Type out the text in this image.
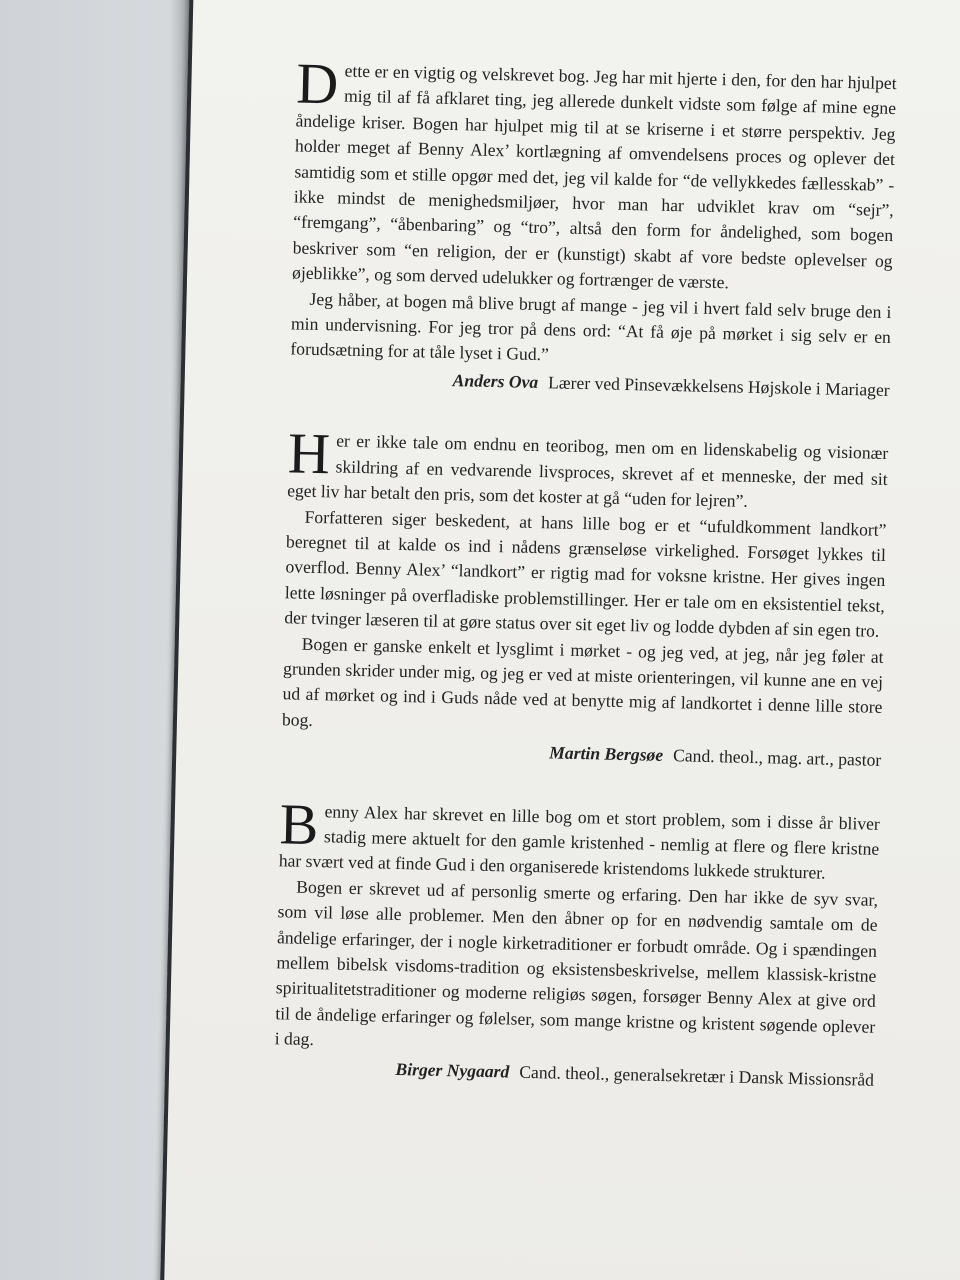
Dette er en vigtig og velskrevet bog. Jeg har mit hjerte i den, for den har hjulpet mig til af få afklaret ting, jeg allerede dunkelt vidste som følge af mine egne åndelige kriser. Bogen har hjulpet mig til at se kriserne i et større perspektiv. Jeg holder meget af Benny Alex’ kortlægning af omvendelsens proces og oplever det samtidig som et stille opgør med det, jeg vil kalde for “de vellykkedes fællesskab” - ikke mindst de menighedsmiljøer, hvor man har udviklet krav om “sejr”, “fremgang”, “åbenbaring” og “tro”, altså den form for åndelighed, som bogen beskriver som “en religion, der er (kunstigt) skabt af vore bedste oplevelser og øjeblikke”, og som derved udelukker og fortrænger de værste.

Jeg håber, at bogen må blive brugt af mange - jeg vil i hvert fald selv bruge den i min undervisning. For jeg tror på dens ord: “At få øje på mørket i sig selv er en forudsætning for at tåle lyset i Gud.”

Anders Ova Lærer ved Pinsevækkelsens Højskole i Mariager

Her er ikke tale om endnu en teoribog, men om en lidenskabelig og visionær skildring af en vedvarende livsproces, skrevet af et menneske, der med sit eget liv har betalt den pris, som det koster at gå “uden for lejren”.

Forfatteren siger beskedent, at hans lille bog er et “ufuldkomment landkort” beregnet til at kalde os ind i nådens grænseløse virkelighed. Forsøget lykkes til overflod. Benny Alex’ “landkort” er rigtig mad for voksne kristne. Her gives ingen lette løsninger på overfladiske problemstillinger. Her er tale om en eksistentiel tekst, der tvinger læseren til at gøre status over sit eget liv og lodde dybden af sin egen tro.

Bogen er ganske enkelt et lysglimt i mørket - og jeg ved, at jeg, når jeg føler at grunden skrider under mig, og jeg er ved at miste orienteringen, vil kunne ane en vej ud af mørket og ind i Guds nåde ved at benytte mig af landkortet i denne lille store bog.

Martin Bergsøe Cand. theol., mag. art., pastor

Benny Alex har skrevet en lille bog om et stort problem, som i disse år bliver stadig mere aktuelt for den gamle kristenhed - nemlig at flere og flere kristne har svært ved at finde Gud i den organiserede kristendoms lukkede strukturer.

Bogen er skrevet ud af personlig smerte og erfaring. Den har ikke de syv svar, som vil løse alle problemer. Men den åbner op for en nødvendig samtale om de åndelige erfaringer, der i nogle kirketraditioner er forbudt område. Og i spændingen mellem bibelsk visdoms-tradition og eksistensbeskrivelse, mellem klassisk-kristne spiritualitetstraditioner og moderne religiøs søgen, forsøger Benny Alex at give ord til de åndelige erfaringer og følelser, som mange kristne og kristent søgende oplever i dag.

Birger Nygaard Cand. theol., generalsekretær i Dansk Missionsråd
